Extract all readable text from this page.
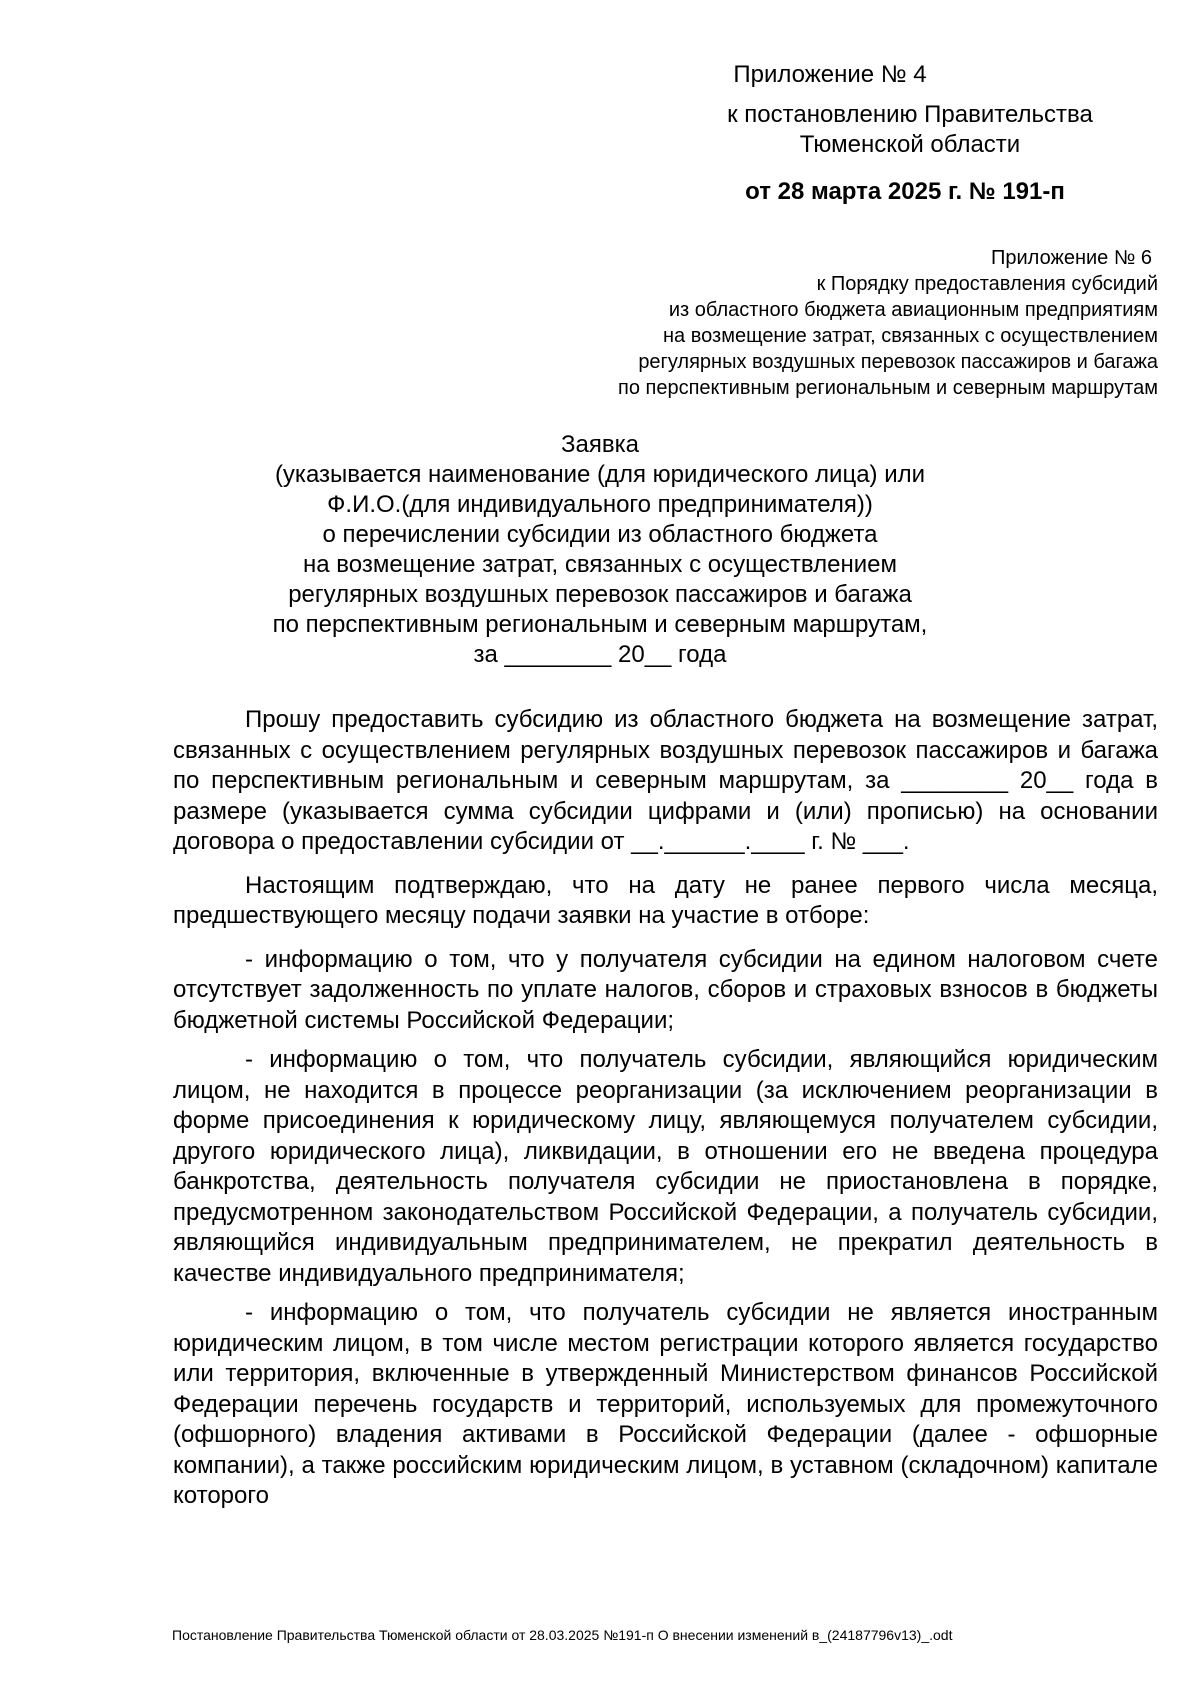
Приложение № 4
к постановлению Правительства Тюменской области
от 28 марта 2025 г. № 191-п
Приложение № 6
к Порядку предоставления субсидий
из областного бюджета авиационным предприятиям
на возмещение затрат, связанных с осуществлением
регулярных воздушных перевозок пассажиров и багажа
по перспективным региональным и северным маршрутам
Заявка
(указывается наименование (для юридического лица) или
Ф.И.О.(для индивидуального предпринимателя))
о перечислении субсидии из областного бюджета
на возмещение затрат, связанных с осуществлением
регулярных воздушных перевозок пассажиров и багажа
по перспективным региональным и северным маршрутам,
за ________ 20__ года

Прошу предоставить субсидию из областного бюджета на возмещение затрат, связанных с осуществлением регулярных воздушных перевозок пассажиров и багажа по перспективным региональным и северным маршрутам, за ________ 20__ года в размере (указывается сумма субсидии цифрами и (или) прописью) на основании договора о предоставлении субсидии от __.______.____ г. № ___.

Настоящим подтверждаю, что на дату не ранее первого числа месяца, предшествующего месяцу подачи заявки на участие в отборе:

- информацию о том, что у получателя субсидии на едином налоговом счете отсутствует задолженность по уплате налогов, сборов и страховых взносов в бюджеты бюджетной системы Российской Федерации;

- информацию о том, что получатель субсидии, являющийся юридическим лицом, не находится в процессе реорганизации (за исключением реорганизации в форме присоединения к юридическому лицу, являющемуся получателем субсидии, другого юридического лица), ликвидации, в отношении его не введена процедура банкротства, деятельность получателя субсидии не приостановлена в порядке, предусмотренном законодательством Российской Федерации, а получатель субсидии, являющийся индивидуальным предпринимателем, не прекратил деятельность в качестве индивидуального предпринимателя;

- информацию о том, что получатель субсидии не является иностранным юридическим лицом, в том числе местом регистрации которого является государство или территория, включенные в утвержденный Министерством финансов Российской Федерации перечень государств и территорий, используемых для промежуточного (офшорного) владения активами в Российской Федерации (далее - офшорные компании), а также российским юридическим лицом, в уставном (складочном) капитале которого

Постановление Правительства Тюменской области от 28.03.2025 №191-п О внесении изменений в_(24187796v13)_.odt
